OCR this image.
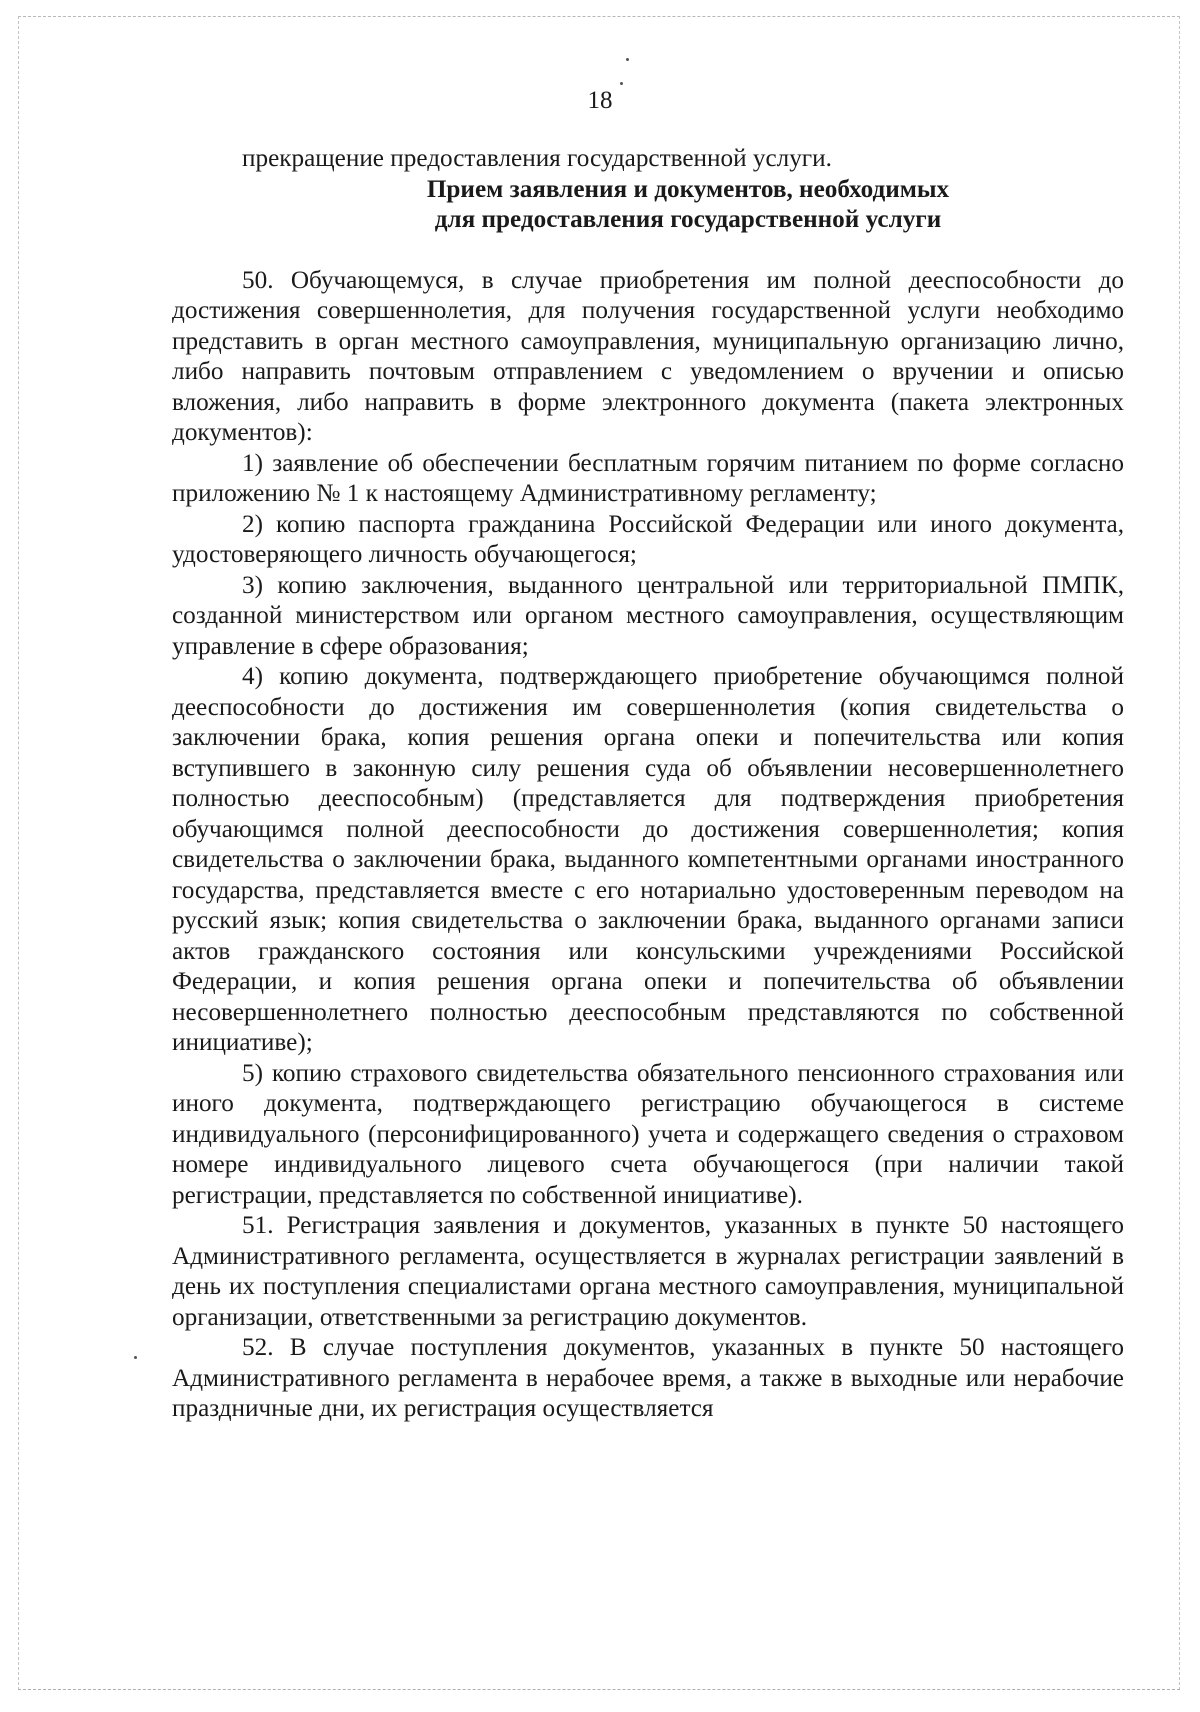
18

прекращение предоставления государственной услуги.

Прием заявления и документов, необходимых
для предоставления государственной услуги

50. Обучающемуся, в случае приобретения им полной дееспособности до достижения совершеннолетия, для получения государственной услуги необходимо представить в орган местного самоуправления, муниципальную организацию лично, либо направить почтовым отправлением с уведомлением о вручении и описью вложения, либо направить в форме электронного документа (пакета электронных документов):

1) заявление об обеспечении бесплатным горячим питанием по форме согласно приложению № 1 к настоящему Административному регламенту;

2) копию паспорта гражданина Российской Федерации или иного документа, удостоверяющего личность обучающегося;

3) копию заключения, выданного центральной или территориальной ПМПК, созданной министерством или органом местного самоуправления, осуществляющим управление в сфере образования;

4) копию документа, подтверждающего приобретение обучающимся полной дееспособности до достижения им совершеннолетия (копия свидетельства о заключении брака, копия решения органа опеки и попечительства или копия вступившего в законную силу решения суда об объявлении несовершеннолетнего полностью дееспособным) (представляется для подтверждения приобретения обучающимся полной дееспособности до достижения совершеннолетия; копия свидетельства о заключении брака, выданного компетентными органами иностранного государства, представляется вместе с его нотариально удостоверенным переводом на русский язык; копия свидетельства о заключении брака, выданного органами записи актов гражданского состояния или консульскими учреждениями Российской Федерации, и копия решения органа опеки и попечительства об объявлении несовершеннолетнего полностью дееспособным представляются по собственной инициативе);

5) копию страхового свидетельства обязательного пенсионного страхования или иного документа, подтверждающего регистрацию обучающегося в системе индивидуального (персонифицированного) учета и содержащего сведения о страховом номере индивидуального лицевого счета обучающегося (при наличии такой регистрации, представляется по собственной инициативе).

51. Регистрация заявления и документов, указанных в пункте 50 настоящего Административного регламента, осуществляется в журналах регистрации заявлений в день их поступления специалистами органа местного самоуправления, муниципальной организации, ответственными за регистрацию документов.

52. В случае поступления документов, указанных в пункте 50 настоящего Административного регламента в нерабочее время, а также в выходные или нерабочие праздничные дни, их регистрация осуществляется
